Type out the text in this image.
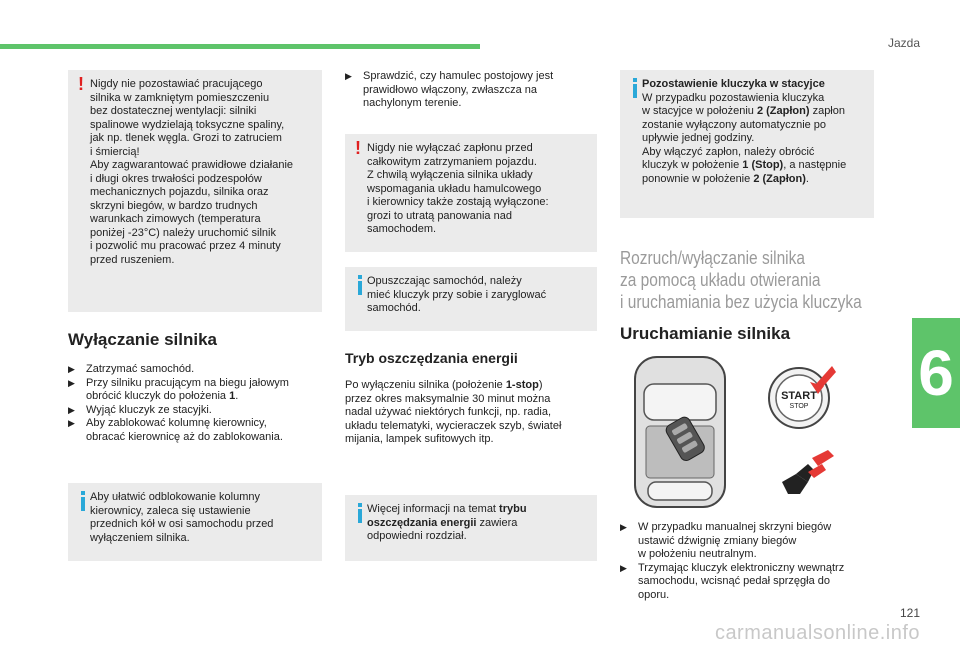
Jazda
6
121
carmanualsonline.info
! Nigdy nie pozostawiać pracującego
silnika w zamkniętym pomieszczeniu
bez dostatecznej wentylacji: silniki
spalinowe wydzielają toksyczne spaliny,
jak np. tlenek węgla. Grozi to zatruciem
i śmiercią!
Aby zagwarantować prawidłowe działanie
i długi okres trwałości podzespołów
mechanicznych pojazdu, silnika oraz
skrzyni biegów, w bardzo trudnych
warunkach zimowych (temperatura
poniżej -23°C) należy uruchomić silnik
i pozwolić mu pracować przez 4 minuty
przed ruszeniem.
Wyłączanie silnika
▶ Zatrzymać samochód.
▶ Przy silniku pracującym na biegu jałowym
obrócić kluczyk do położenia 1.
▶ Wyjąć kluczyk ze stacyjki.
▶ Aby zablokować kolumnę kierownicy,
obracać kierownicę aż do zablokowania.
Aby ułatwić odblokowanie kolumny
kierownicy, zaleca się ustawienie
przednich kół w osi samochodu przed
wyłączeniem silnika.
▶ Sprawdzić, czy hamulec postojowy jest
prawidłowo włączony, zwłaszcza na
nachylonym terenie.
! Nigdy nie wyłączać zapłonu przed
całkowitym zatrzymaniem pojazdu.
Z chwilą wyłączenia silnika układy
wspomagania układu hamulcowego
i kierownicy także zostają wyłączone:
grozi to utratą panowania nad
samochodem.
Opuszczając samochód, należy
mieć kluczyk przy sobie i zaryglować
samochód.
Tryb oszczędzania energii
Po wyłączeniu silnika (położenie 1-stop)
przez okres maksymalnie 30 minut można
nadal używać niektórych funkcji, np. radia,
układu telematyki, wycieraczek szyb, świateł
mijania, lampek sufitowych itp.
Więcej informacji na temat trybu
oszczędzania energii zawiera
odpowiedni rozdział.
Pozostawienie kluczyka w stacyjce
W przypadku pozostawienia kluczyka
w stacyjce w położeniu 2 (Zapłon) zapłon
zostanie wyłączony automatycznie po
upływie jednej godziny.
Aby włączyć zapłon, należy obrócić
kluczyk w położenie 1 (Stop), a następnie
ponownie w położenie 2 (Zapłon).
Rozruch/wyłączanie silnika
za pomocą układu otwierania
i uruchamiania bez użycia kluczyka
Uruchamianie silnika
START
STOP
▶ W przypadku manualnej skrzyni biegów
ustawić dźwignię zmiany biegów
w położeniu neutralnym.
▶ Trzymając kluczyk elektroniczny wewnątrz
samochodu, wcisnąć pedał sprzęgła do
oporu.
